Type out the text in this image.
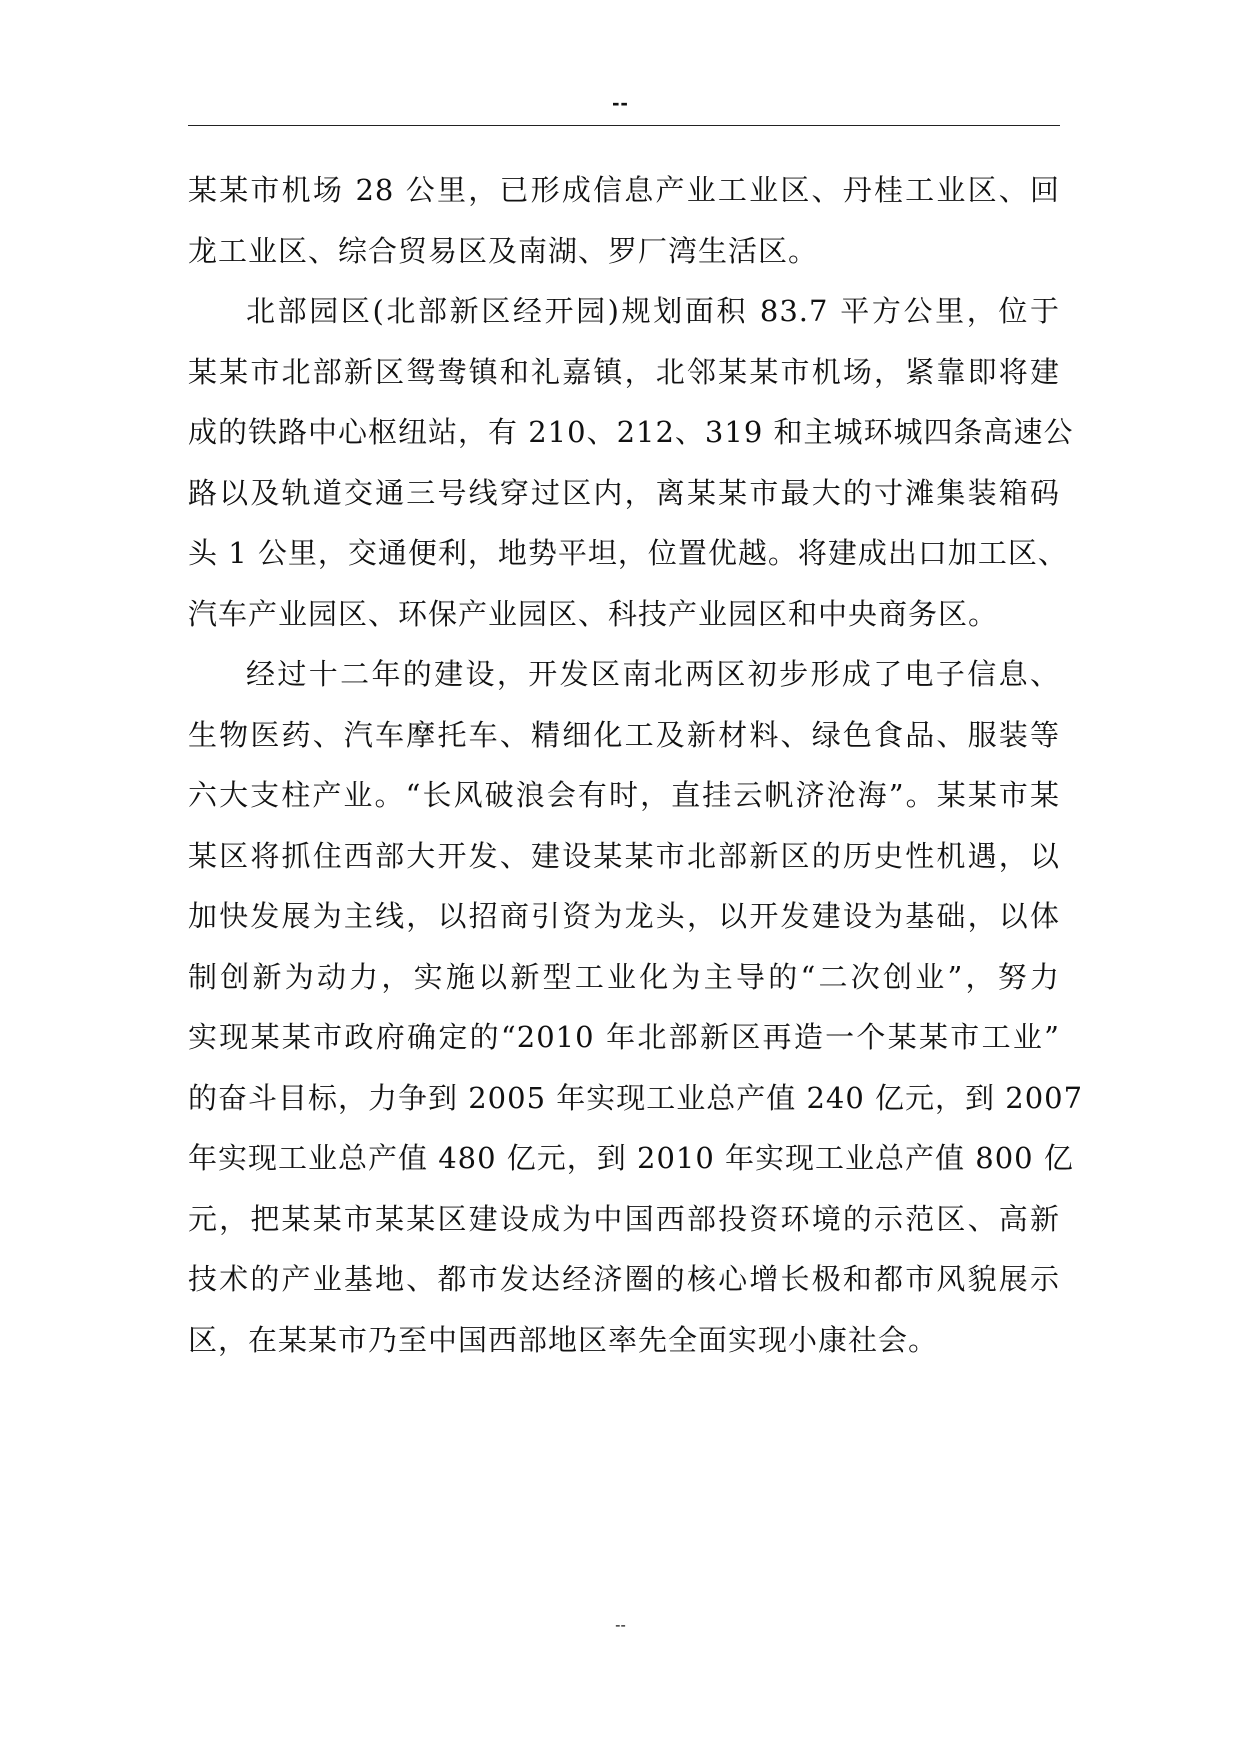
--
某某市机场 28 公里，已形成信息产业工业区、丹桂工业区、回
龙工业区、综合贸易区及南湖、罗厂湾生活区。
北部园区(北部新区经开园)规划面积 83.7 平方公里，位于
某某市北部新区鸳鸯镇和礼嘉镇，北邻某某市机场，紧靠即将建
成的铁路中心枢纽站，有 210、212、319 和主城环城四条高速公
路以及轨道交通三号线穿过区内，离某某市最大的寸滩集装箱码
头 1 公里，交通便利，地势平坦，位置优越。将建成出口加工区、
汽车产业园区、环保产业园区、科技产业园区和中央商务区。
经过十二年的建设，开发区南北两区初步形成了电子信息、
生物医药、汽车摩托车、精细化工及新材料、绿色食品、服装等
六大支柱产业。“长风破浪会有时，直挂云帆济沧海”。某某市某
某区将抓住西部大开发、建设某某市北部新区的历史性机遇，以
加快发展为主线，以招商引资为龙头，以开发建设为基础，以体
制创新为动力，实施以新型工业化为主导的“二次创业”，努力
实现某某市政府确定的“2010 年北部新区再造一个某某市工业”
的奋斗目标，力争到 2005 年实现工业总产值 240 亿元，到 2007
年实现工业总产值 480 亿元，到 2010 年实现工业总产值 800 亿
元，把某某市某某区建设成为中国西部投资环境的示范区、高新
技术的产业基地、都市发达经济圈的核心增长极和都市风貌展示
区，在某某市乃至中国西部地区率先全面实现小康社会。
--
